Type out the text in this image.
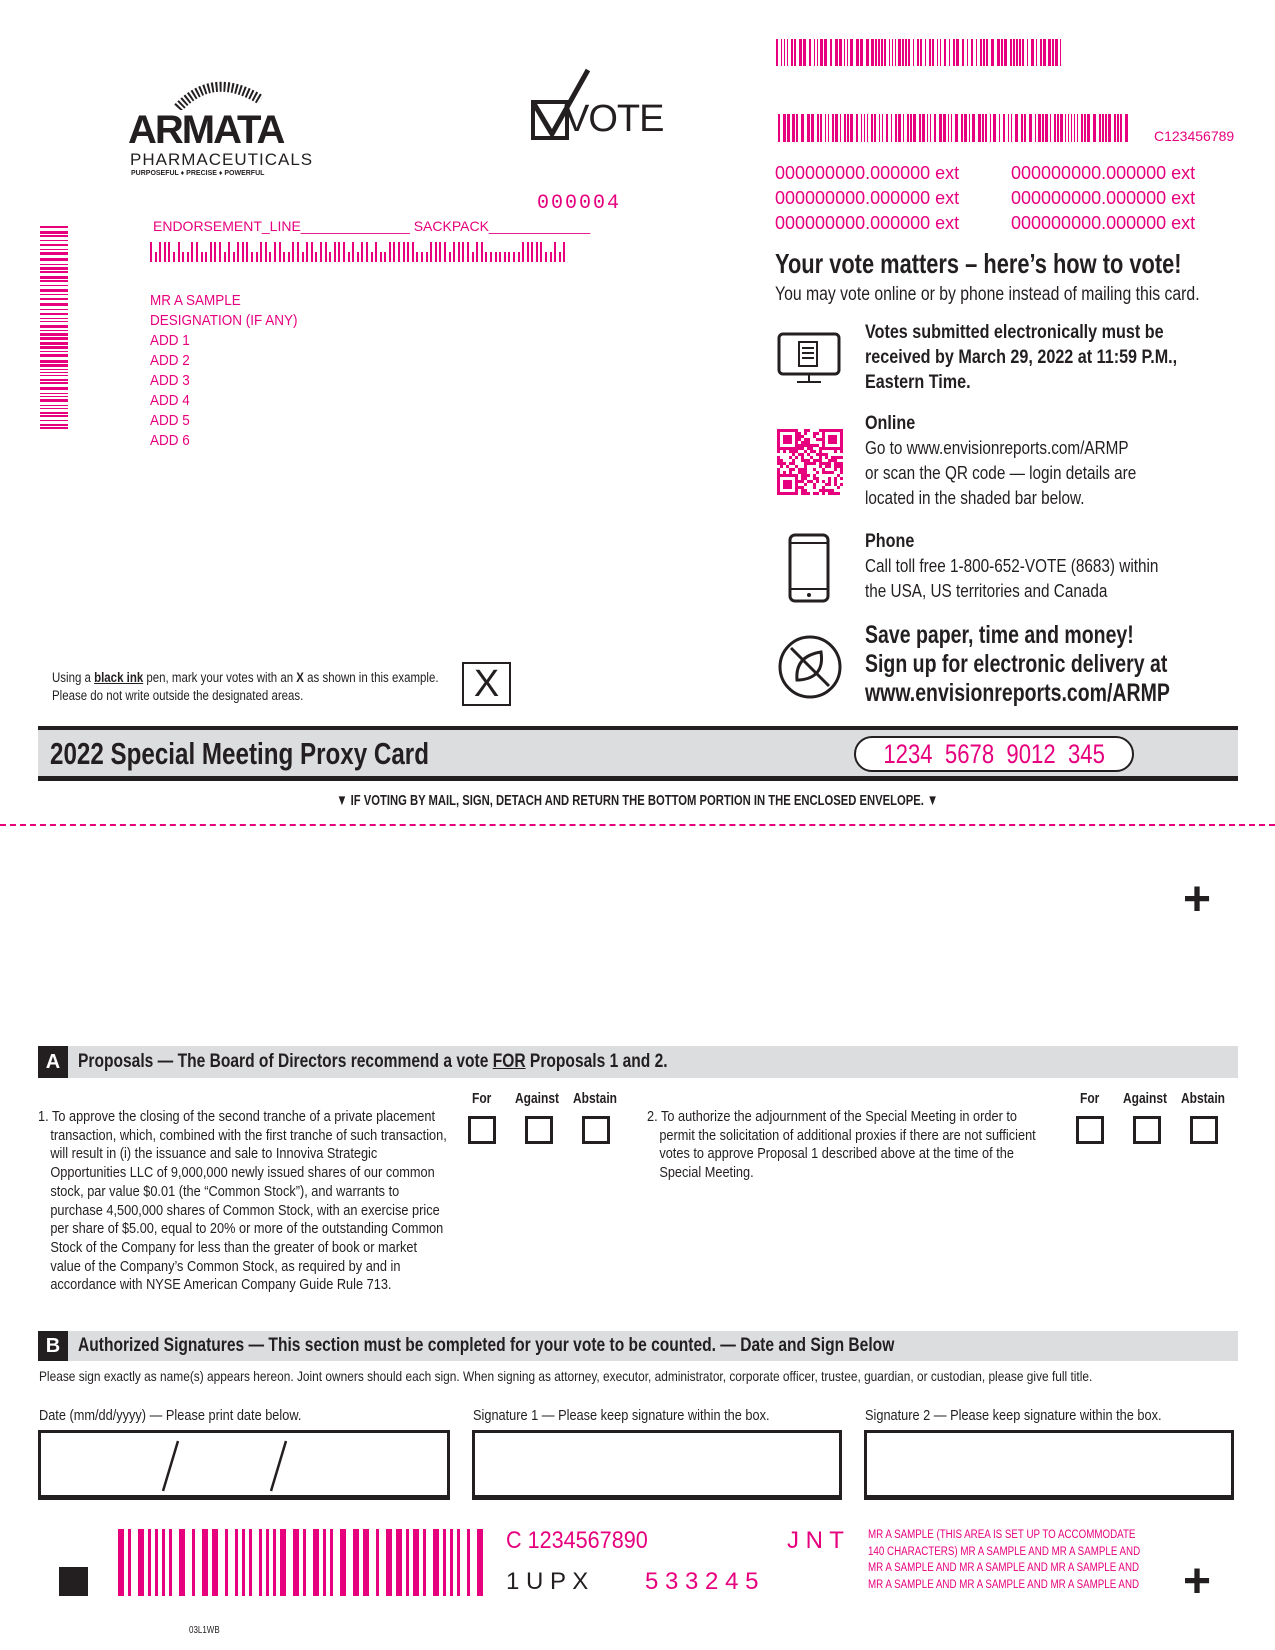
ARMATA
PHARMACEUTICALS
PURPOSEFUL ♦ PRECISE ♦ POWERFUL
VOTE
000004
ENDORSEMENT_LINE______________ SACKPACK_____________
MR A SAMPLE
DESIGNATION (IF ANY)
ADD 1
ADD 2
ADD 3
ADD 4
ADD 5
ADD 6
C123456789
000000000.000000 ext
000000000.000000 ext
000000000.000000 ext
000000000.000000 ext
000000000.000000 ext
000000000.000000 ext
Your vote matters – here’s how to vote!
You may vote online or by phone instead of mailing this card.
Votes submitted electronically must be
received by March 29, 2022 at 11:59 P.M.,
Eastern Time.
Online
Go to www.envisionreports.com/ARMP
or scan the QR code — login details are
located in the shaded bar below.
Phone
Call toll free 1-800-652-VOTE (8683) within
the USA, US territories and Canada
Save paper, time and money!
Sign up for electronic delivery at
www.envisionreports.com/ARMP
Using a black ink pen, mark your votes with an X as shown in this example.
Please do not write outside the designated areas.	X
2022 Special Meeting Proxy Card	1234  5678  9012  345
▼ IF VOTING BY MAIL, SIGN, DETACH AND RETURN THE BOTTOM PORTION IN THE ENCLOSED ENVELOPE. ▼
+
A Proposals — The Board of Directors recommend a vote FOR Proposals 1 and 2.

1. To approve the closing of the second tranche of a private placement transaction, which, combined with the first tranche of such transaction, will result in (i) the issuance and sale to Innoviva Strategic Opportunities LLC of 9,000,000 newly issued shares of our common stock, par value $0.01 (the “Common Stock”), and warrants to purchase 4,500,000 shares of Common Stock, with an exercise price per share of $5.00, equal to 20% or more of the outstanding Common Stock of the Company for less than the greater of book or market value of the Company’s Common Stock, as required by and in accordance with NYSE American Company Guide Rule 713.

For Against Abstain

2. To authorize the adjournment of the Special Meeting in order to permit the solicitation of additional proxies if there are not sufficient votes to approve Proposal 1 described above at the time of the Special Meeting.

For Against Abstain
B Authorized Signatures — This section must be completed for your vote to be counted. — Date and Sign Below
Please sign exactly as name(s) appears hereon. Joint owners should each sign. When signing as attorney, executor, administrator, corporate officer, trustee, guardian, or custodian, please give full title.
Date (mm/dd/yyyy) — Please print date below.	Signature 1 — Please keep signature within the box.	Signature 2 — Please keep signature within the box.
C 1234567890	J N T
1 U P X 5 3 3 2 4 5
MR A SAMPLE (THIS AREA IS SET UP TO ACCOMMODATE
140 CHARACTERS) MR A SAMPLE AND MR A SAMPLE AND
MR A SAMPLE AND MR A SAMPLE AND MR A SAMPLE AND
MR A SAMPLE AND MR A SAMPLE AND MR A SAMPLE AND +
03L1WB
